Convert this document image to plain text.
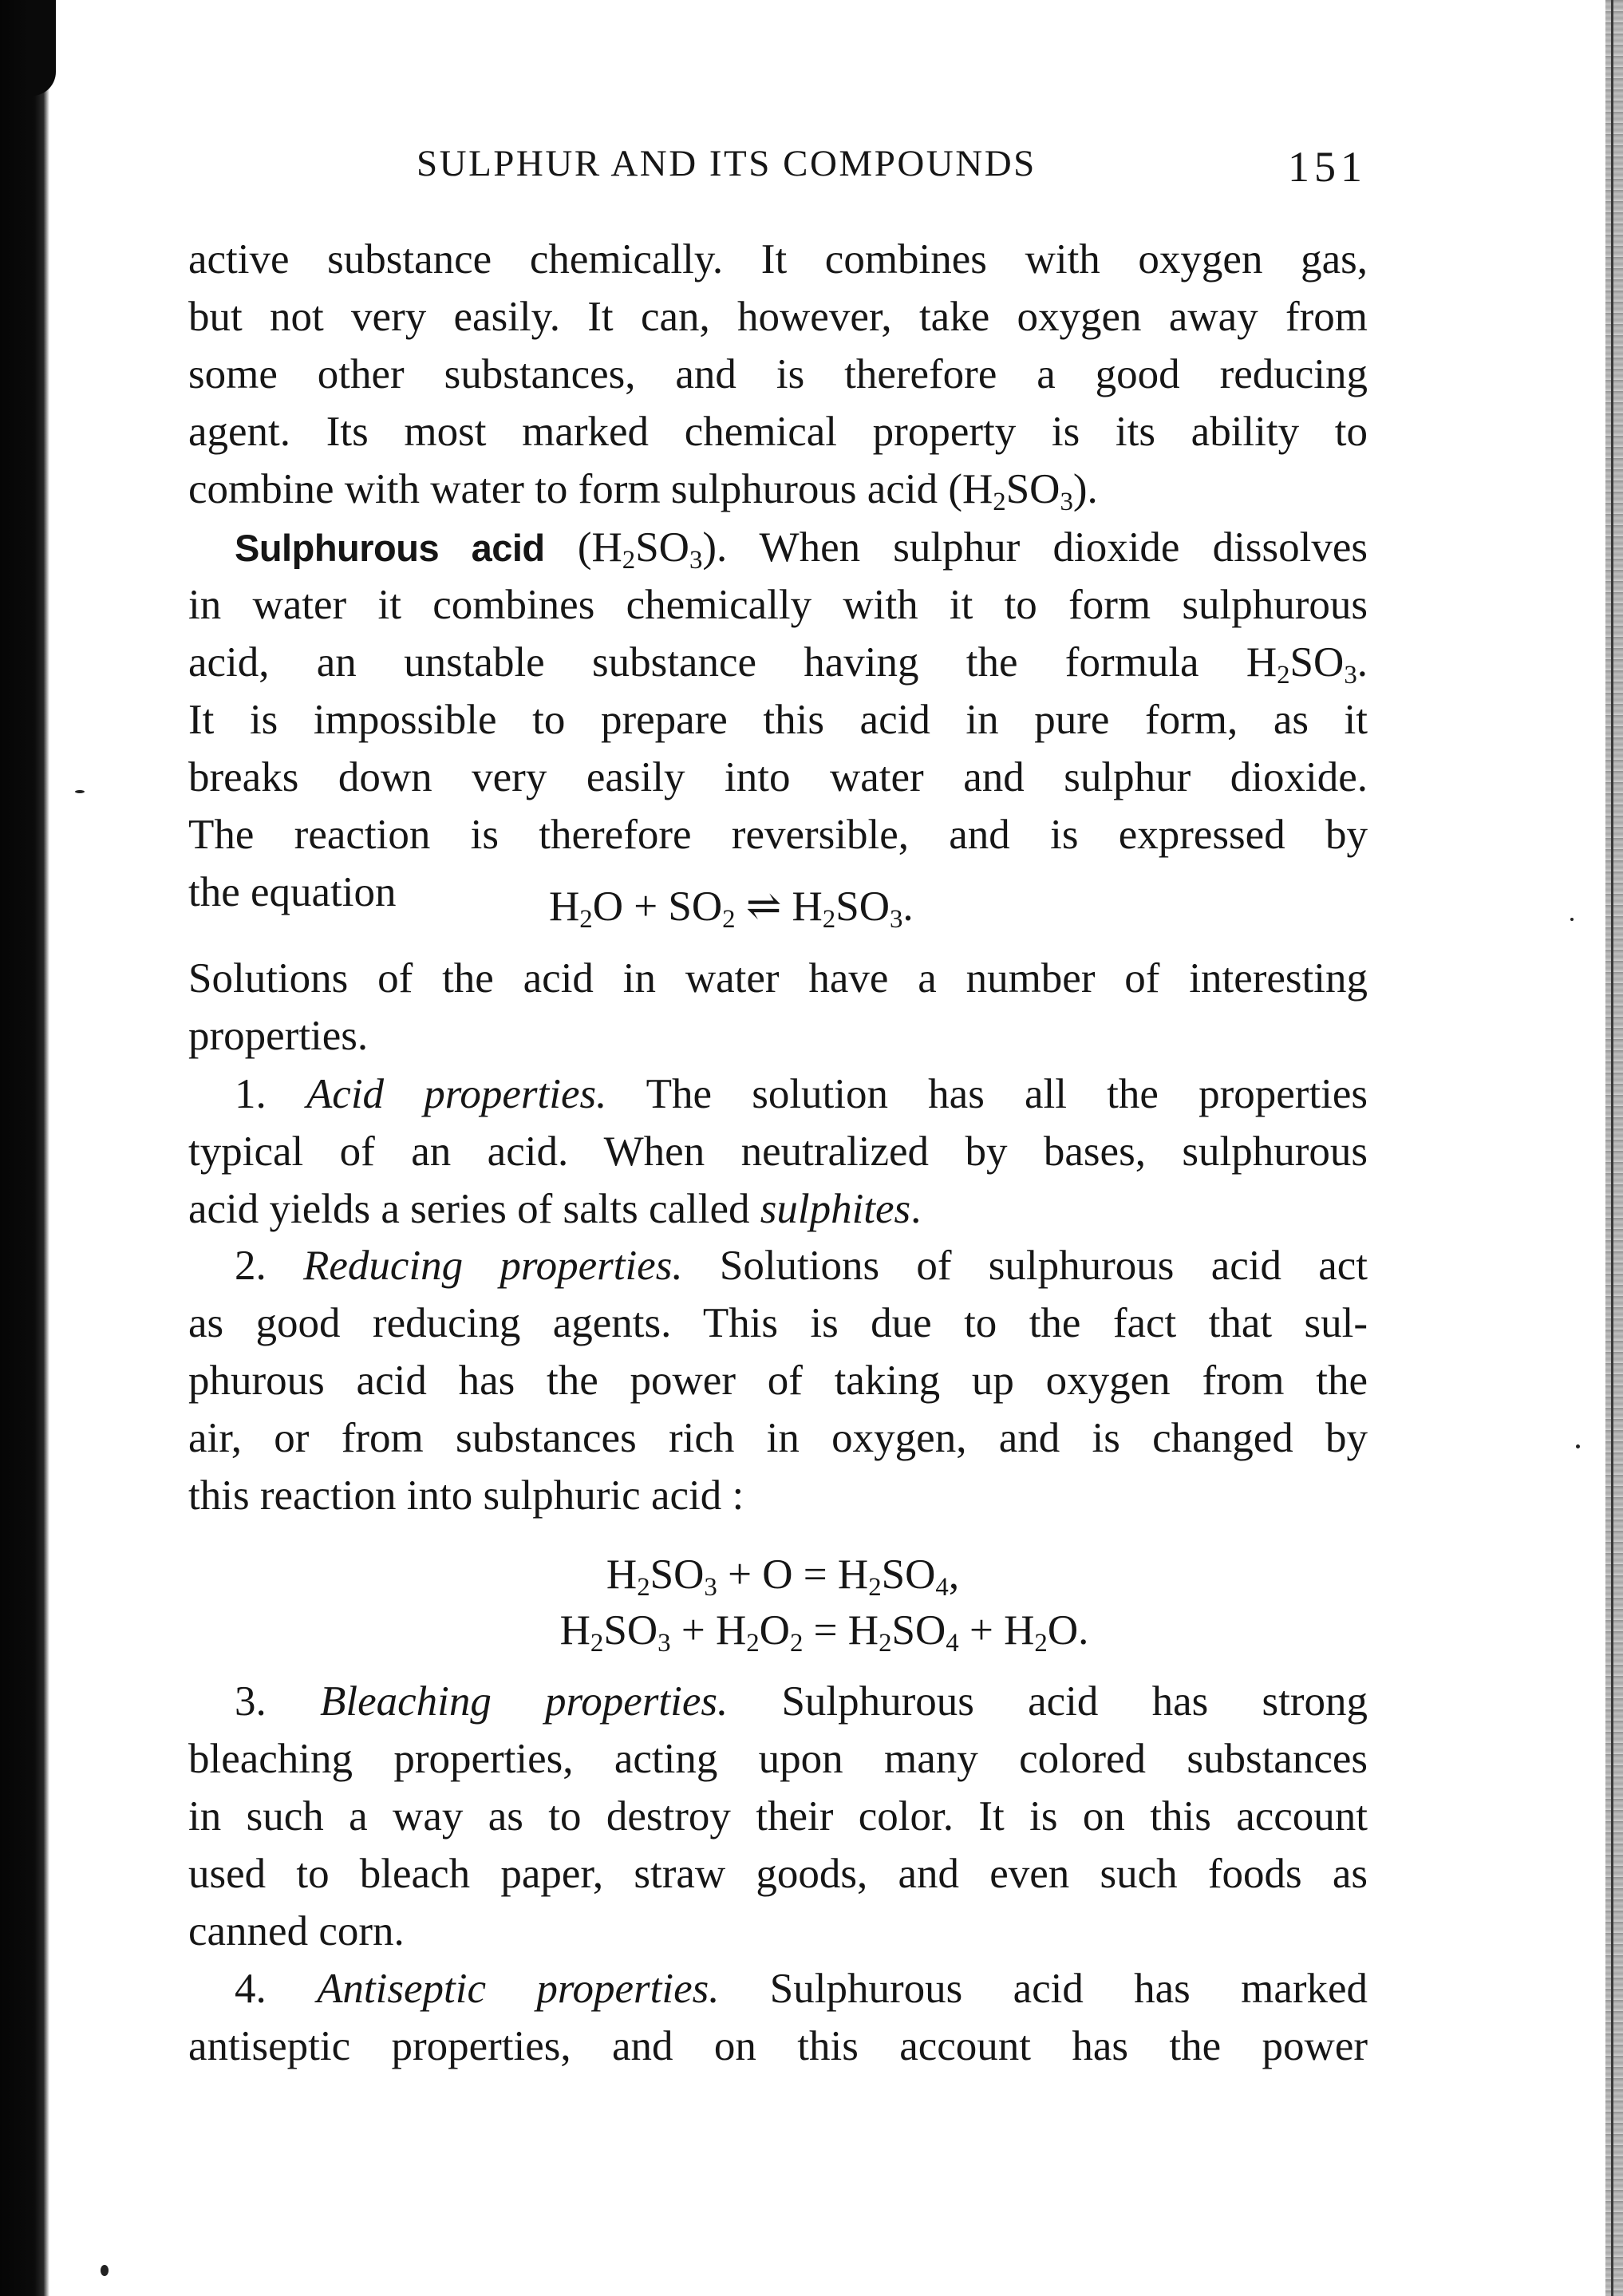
SULPHUR AND ITS COMPOUNDS	151
active substance chemically. It combines with oxygen gas,
but not very easily. It can, however, take oxygen away from
some other substances, and is therefore a good reducing
agent. Its most marked chemical property is its ability to
combine with water to form sulphurous acid $(H_2SO_3)$.
Sulphurous acid $(H_2SO_3)$. When sulphur dioxide dissolves
in water it combines chemically with it to form sulphurous
acid, an unstable substance having the formula $H_2SO_3$.
It is impossible to prepare this acid in pure form, as it
breaks down very easily into water and sulphur dioxide.
The reaction is therefore reversible, and is expressed by
the equation	$H_2O + SO_2$ ⇌ $H_2SO_3$.
Solutions of the acid in water have a number of interesting
properties.
1. Acid properties. The solution has all the properties
typical of an acid. When neutralized by bases, sulphurous
acid yields a series of salts called sulphites.
2. Reducing properties. Solutions of sulphurous acid act
as good reducing agents. This is due to the fact that sul-
phurous acid has the power of taking up oxygen from the
air, or from substances rich in oxygen, and is changed by
this reaction into sulphuric acid :
$H_2SO_3 + O = H_2SO_4$,
$H_2SO_3 + H_2O_2 = H_2SO_4 + H_2O$.
3. Bleaching properties. Sulphurous acid has strong
bleaching properties, acting upon many colored substances
in such a way as to destroy their color. It is on this account
used to bleach paper, straw goods, and even such foods as
canned corn.
4. Antiseptic properties. Sulphurous acid has marked
antiseptic properties, and on this account has the power
